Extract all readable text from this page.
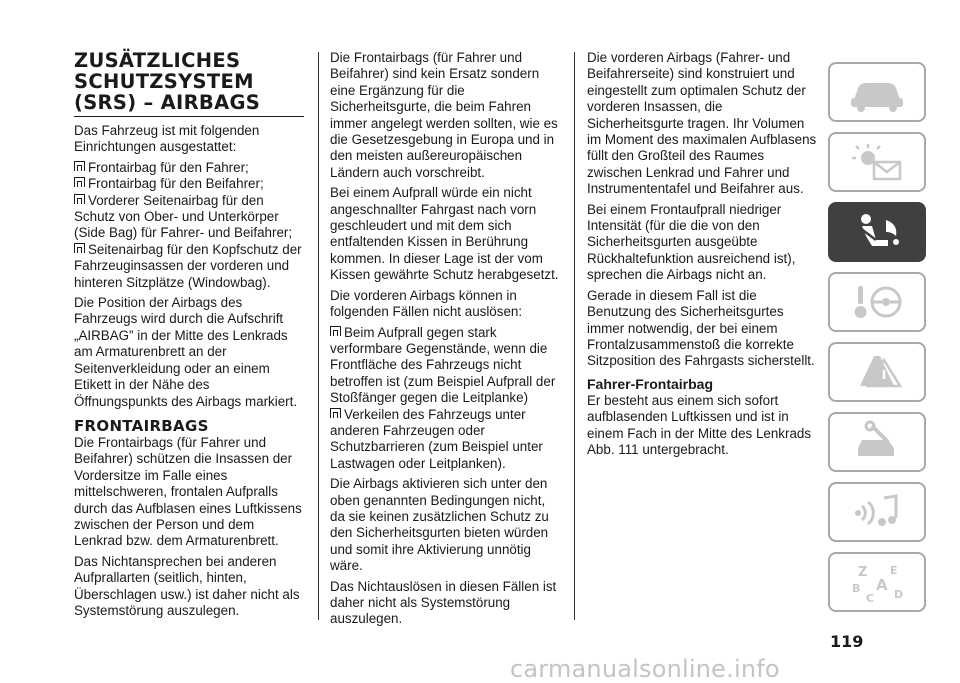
ZUSÄTZLICHES
SCHUTZSYSTEM
(SRS) – AIRBAGS

Das Fahrzeug ist mit folgenden Einrichtungen ausgestattet:

Frontairbag für den Fahrer;
Frontairbag für den Beifahrer;
Vorderer Seitenairbag für den Schutz von Ober- und Unterkörper (Side Bag) für Fahrer- und Beifahrer;
Seitenairbag für den Kopfschutz der Fahrzeuginsassen der vorderen und hinteren Sitzplätze (Windowbag).

Die Position der Airbags des Fahrzeugs wird durch die Aufschrift „AIRBAG” in der Mitte des Lenkrads am Armaturenbrett an der Seitenverkleidung oder an einem Etikett in der Nähe des Öffnungspunkts des Airbags markiert.

FRONTAIRBAGS

Die Frontairbags (für Fahrer und Beifahrer) schützen die Insassen der Vordersitze im Falle eines mittelschweren, frontalen Aufpralls durch das Aufblasen eines Luftkissens zwischen der Person und dem Lenkrad bzw. dem Armaturenbrett.

Das Nichtansprechen bei anderen Aufprallarten (seitlich, hinten, Überschlagen usw.) ist daher nicht als Systemstörung auszulegen.

Die Frontairbags (für Fahrer und Beifahrer) sind kein Ersatz sondern eine Ergänzung für die Sicherheitsgurte, die beim Fahren immer angelegt werden sollten, wie es die Gesetzesgebung in Europa und in den meisten außereuropäischen Ländern auch vorschreibt.

Bei einem Aufprall würde ein nicht angeschnallter Fahrgast nach vorn geschleudert und mit dem sich entfaltenden Kissen in Berührung kommen. In dieser Lage ist der vom Kissen gewährte Schutz herabgesetzt.

Die vorderen Airbags können in folgenden Fällen nicht auslösen:

Beim Aufprall gegen stark verformbare Gegenstände, wenn die Frontfläche des Fahrzeugs nicht betroffen ist (zum Beispiel Aufprall der Stoßfänger gegen die Leitplanke)
Verkeilen des Fahrzeugs unter anderen Fahrzeugen oder Schutzbarrieren (zum Beispiel unter Lastwagen oder Leitplanken).

Die Airbags aktivieren sich unter den oben genannten Bedingungen nicht, da sie keinen zusätzlichen Schutz zu den Sicherheitsgurten bieten würden und somit ihre Aktivierung unnötig wäre.

Das Nichtauslösen in diesen Fällen ist daher nicht als Systemstörung auszulegen.

Die vorderen Airbags (Fahrer- und Beifahrerseite) sind konstruiert und eingestellt zum optimalen Schutz der vorderen Insassen, die Sicherheitsgurte tragen. Ihr Volumen im Moment des maximalen Aufblasens füllt den Großteil des Raumes zwischen Lenkrad und Fahrer und Instrumententafel und Beifahrer aus.

Bei einem Frontaufprall niedriger Intensität (für die die von den Sicherheitsgurten ausgeübte Rückhaltefunktion ausreichend ist), sprechen die Airbags nicht an.

Gerade in diesem Fall ist die Benutzung des Sicherheitsgurtes immer notwendig, der bei einem Frontalzusammenstoß die korrekte Sitzposition des Fahrgasts sicherstellt.

Fahrer-Frontairbag

Er besteht aus einem sich sofort aufblasenden Luftkissen und ist in einem Fach in der Mitte des Lenkrads Abb. 111 untergebracht.

Z E
B A
C D
119
carmanualsonline.info
